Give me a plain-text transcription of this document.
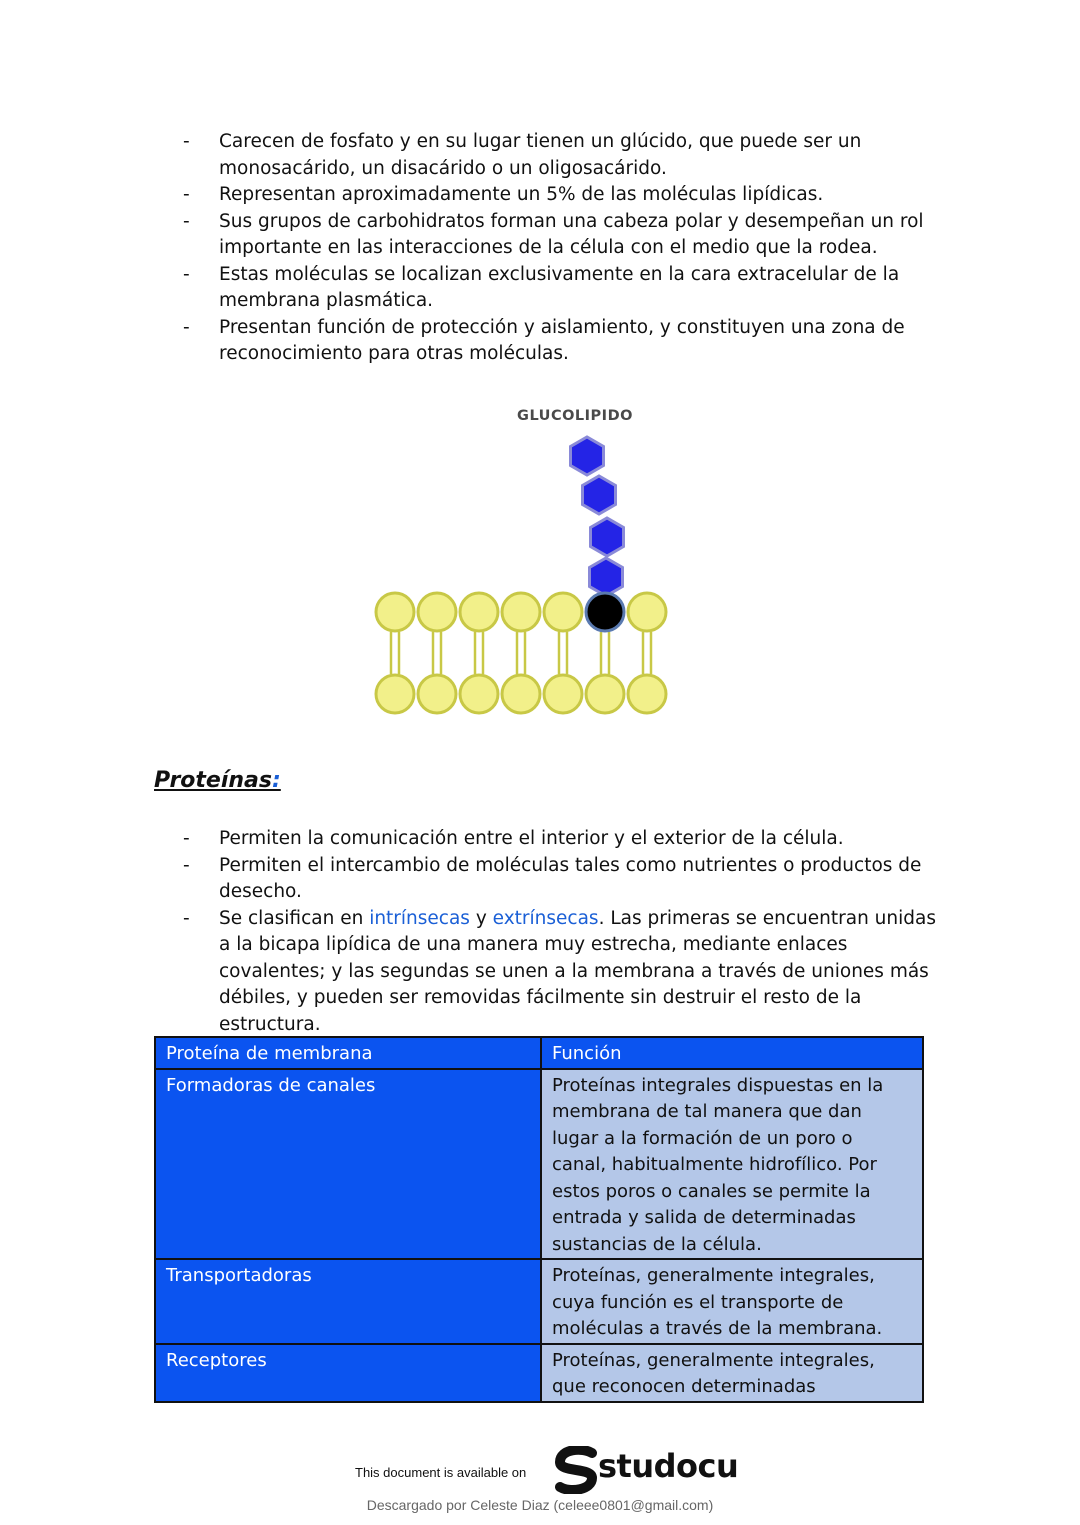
- Carecen de fosfato y en su lugar tienen un glúcido, que puede ser un monosacárido, un disacárido o un oligosacárido.
- Representan aproximadamente un 5% de las moléculas lipídicas.
- Sus grupos de carbohidratos forman una cabeza polar y desempeñan un rol importante en las interacciones de la célula con el medio que la rodea.
- Estas moléculas se localizan exclusivamente en la cara extracelular de la membrana plasmática.
- Presentan función de protección y aislamiento, y constituyen una zona de reconocimiento para otras moléculas.
GLUCOLIPIDO
Proteínas:
- Permiten la comunicación entre el interior y el exterior de la célula.
- Permiten el intercambio de moléculas tales como nutrientes o productos de desecho.
- Se clasifican en intrínsecas y extrínsecas. Las primeras se encuentran unidas a la bicapa lipídica de una manera muy estrecha, mediante enlaces covalentes; y las segundas se unen a la membrana a través de uniones más débiles, y pueden ser removidas fácilmente sin destruir el resto de la estructura.
Proteína de membrana	Función
Formadoras de canales	Proteínas integrales dispuestas en la membrana de tal manera que dan lugar a la formación de un poro o canal, habitualmente hidrofílico. Por estos poros o canales se permite la entrada y salida de determinadas sustancias de la célula.
Transportadoras	Proteínas, generalmente integrales, cuya función es el transporte de moléculas a través de la membrana.
Receptores	Proteínas, generalmente integrales, que reconocen determinadas
This document is available on studocu
Descargado por Celeste Diaz (celeee0801@gmail.com)
